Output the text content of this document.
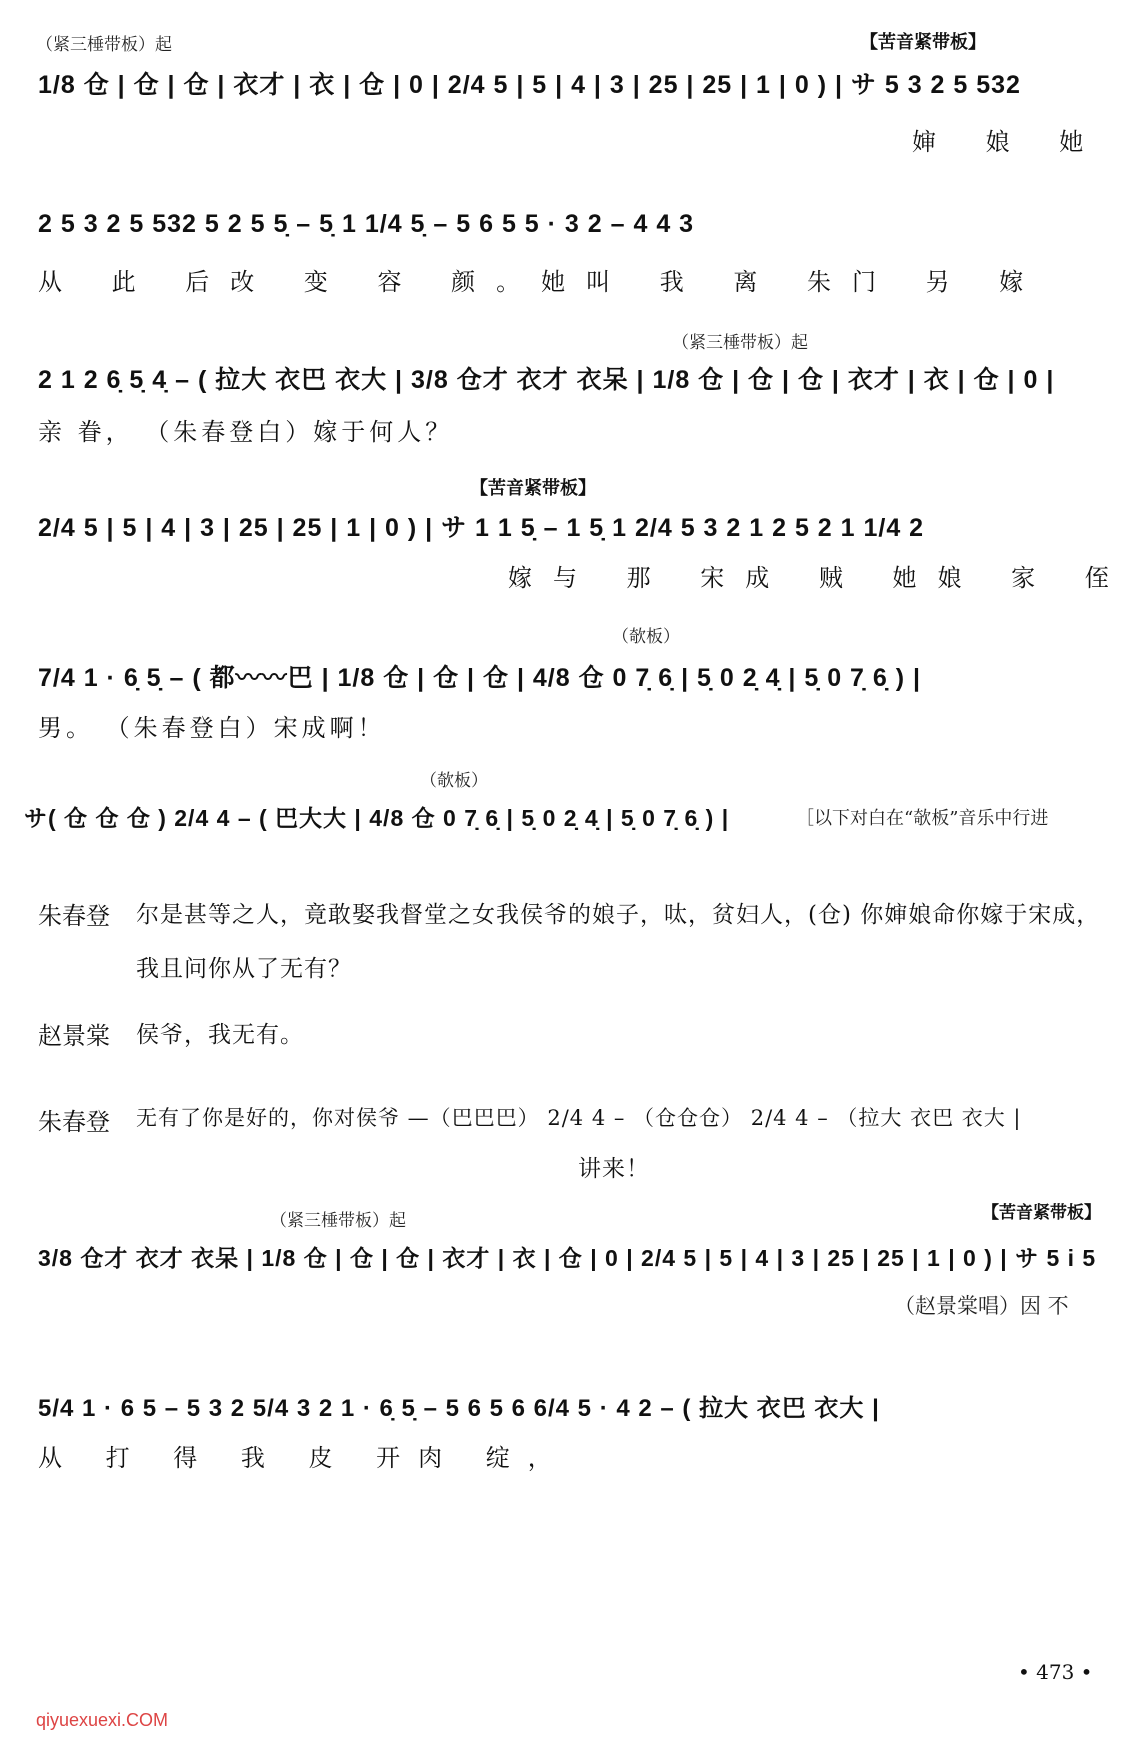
（紧三棰带板）起	【苦音紧带板】
1/8 仓 | 仓 | 仓 | 衣才 | 衣 | 仓 | 0 | 2/4 5 | 5 | 4 | 3 | 25 | 25 | 1 | 0 ) | サ 5 3 2 5 532
婶 娘 她
2 5 3 2 5 532 5 2 5 5̣ – 5̣ 1 1/4 5̣ – 5 6 5 5 · 3 2 – 4 4 3
从 此 后改 变 容 颜。她叫 我 离 朱门 另 嫁
（紧三棰带板）起
2 1 2 6̣ 5̣ 4̣ – ( 拉大 衣巴 衣大 | 3/8 仓才 衣才 衣呆 | 1/8 仓 | 仓 | 仓 | 衣才 | 衣 | 仓 | 0 |
亲 眷， （朱春登白）嫁于何人？
【苦音紧带板】
2/4 5 | 5 | 4 | 3 | 25 | 25 | 1 | 0 ) | サ 1 1 5̣ – 1 5̣ 1 2/4 5 3 2 1 2 5 2 1 1/4 2
嫁与 那 宋成 贼 她娘 家 侄
（欹板）
7/4 1 · 6̣ 5̣ – ( 都〰〰巴 | 1/8 仓 | 仓 | 仓 | 4/8 仓 0 7̣ 6̣ | 5̣ 0 2̣ 4̣ | 5̣ 0 7̣ 6̣ ) |
男。 （朱春登白）宋成啊！
（欹板）
サ( 仓 仓 仓 ) 2/4 4 – ( 巴大大 | 4/8 仓 0 7̣ 6̣ | 5̣ 0 2̣ 4̣ | 5̣ 0 7̣ 6̣ ) |	［以下对白在“欹板”音乐中行进
朱春登 尔是甚等之人，竟敢娶我督堂之女我侯爷的娘子，呔，贫妇人，(仓) 你婶娘命你嫁于宋成，
我且问你从了无有？
赵景棠 侯爷，我无有。
朱春登 无有了你是好的，你对侯爷 —（巴巴巴） 2/4 4 – （仓仓仓） 2/4 4 – （拉大 衣巴 衣大 |
讲来！
（紧三棰带板）起	【苦音紧带板】
3/8 仓才 衣才 衣呆 | 1/8 仓 | 仓 | 仓 | 衣才 | 衣 | 仓 | 0 | 2/4 5 | 5 | 4 | 3 | 25 | 25 | 1 | 0 ) | サ 5 i 5
（赵景棠唱）因 不
5/4 1 · 6 5 – 5 3 2 5/4 3 2 1 · 6̣ 5̣ – 5 6 5 6 6/4 5 · 4 2 – ( 拉大 衣巴 衣大 |
从 打 得 我 皮 开肉 绽，
• 473 •
qiyuexuexi.COM
